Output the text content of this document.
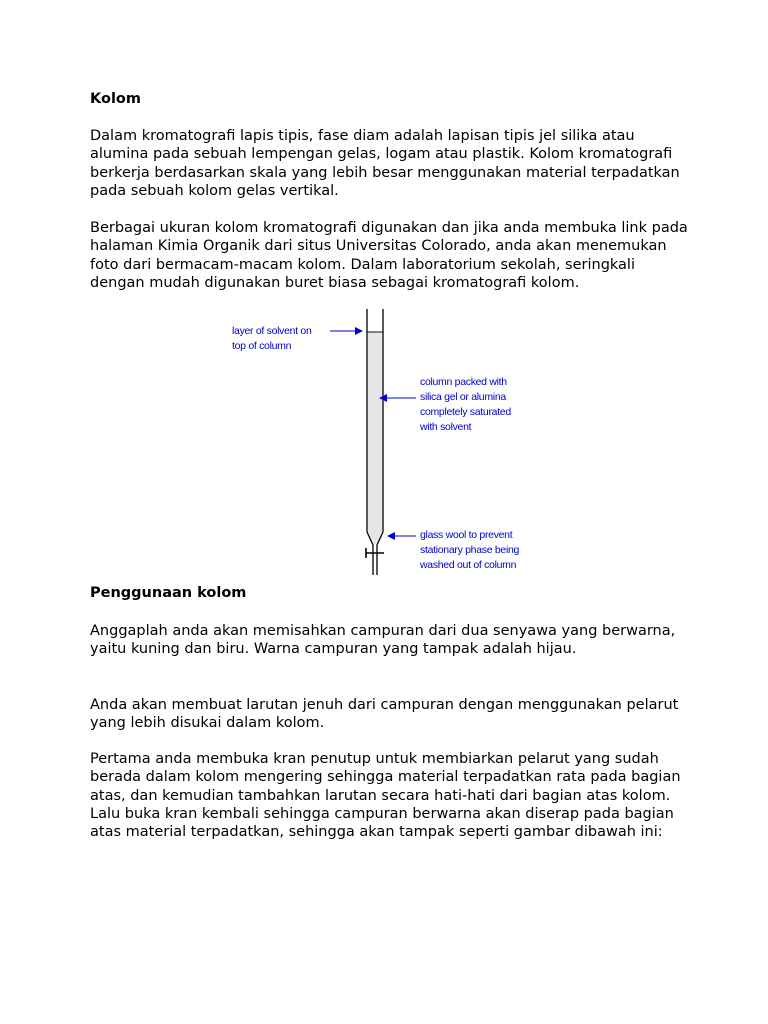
Kolom
Dalam kromatografi lapis tipis, fase diam adalah lapisan tipis jel silika atau alumina pada sebuah lempengan gelas, logam atau plastik. Kolom kromatografi berkerja berdasarkan skala yang lebih besar menggunakan material terpadatkan pada sebuah kolom gelas vertikal.
Berbagai ukuran kolom kromatografi digunakan dan jika anda membuka link pada halaman Kimia Organik dari situs Universitas Colorado, anda akan menemukan foto dari bermacam-macam kolom. Dalam laboratorium sekolah, seringkali dengan mudah digunakan buret biasa sebagai kromatografi kolom.
Penggunaan kolom
Anggaplah anda akan memisahkan campuran dari dua senyawa yang berwarna, yaitu kuning dan biru. Warna campuran yang tampak adalah hijau.
Anda akan membuat larutan jenuh dari campuran dengan menggunakan pelarut yang lebih disukai dalam kolom.
Pertama anda membuka kran penutup untuk membiarkan pelarut yang sudah berada dalam kolom mengering sehingga material terpadatkan rata pada bagian atas, dan kemudian tambahkan larutan secara hati-hati dari bagian atas kolom. Lalu buka kran kembali sehingga campuran berwarna akan diserap pada bagian atas material terpadatkan, sehingga akan tampak seperti gambar dibawah ini:
layer of solvent on
top of column
column packed with
silica gel or alumina
completely saturated
with solvent
glass wool to prevent
stationary phase being
washed out of column
